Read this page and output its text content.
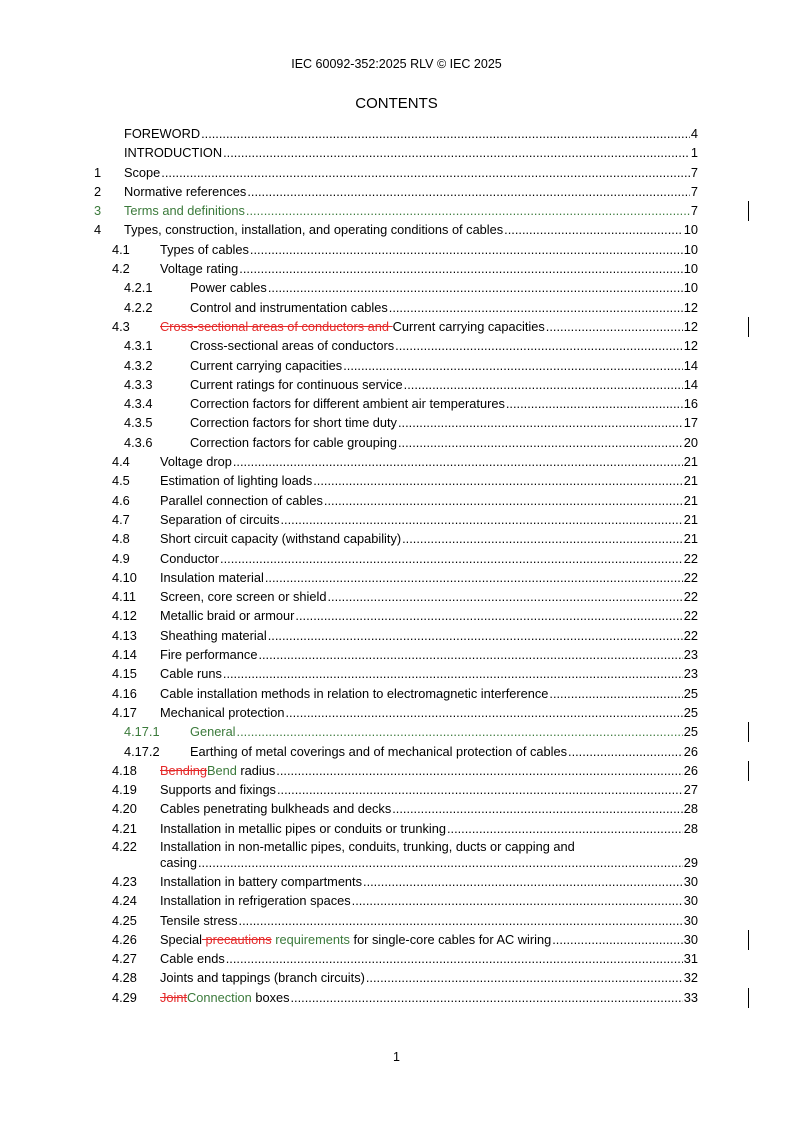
IEC 60092-352:2025 RLV © IEC 2025
CONTENTS
FOREWORD .....	4
INTRODUCTION .....	1
1	Scope .....	7
2	Normative references .....	7
3	Terms and definitions .....	7
4	Types, construction, installation, and operating conditions of cables .....	10
4.1	Types of cables .....	10
4.2	Voltage rating .....	10
4.2.1	Power cables .....	10
4.2.2	Control and instrumentation cables .....	12
4.3	Cross-sectional areas of conductors and Current carrying capacities .....	12
4.3.1	Cross-sectional areas of conductors .....	12
4.3.2	Current carrying capacities .....	14
4.3.3	Current ratings for continuous service .....	14
4.3.4	Correction factors for different ambient air temperatures .....	16
4.3.5	Correction factors for short time duty .....	17
4.3.6	Correction factors for cable grouping .....	20
4.4	Voltage drop .....	21
4.5	Estimation of lighting loads .....	21
4.6	Parallel connection of cables .....	21
4.7	Separation of circuits .....	21
4.8	Short circuit capacity (withstand capability) .....	21
4.9	Conductor .....	22
4.10	Insulation material .....	22
4.11	Screen, core screen or shield .....	22
4.12	Metallic braid or armour .....	22
4.13	Sheathing material .....	22
4.14	Fire performance .....	23
4.15	Cable runs .....	23
4.16	Cable installation methods in relation to electromagnetic interference .....	25
4.17	Mechanical protection .....	25
4.17.1	General .....	25
4.17.2	Earthing of metal coverings and of mechanical protection of cables .....	26
4.18	BendingBend radius .....	26
4.19	Supports and fixings .....	27
4.20	Cables penetrating bulkheads and decks .....	28
4.21	Installation in metallic pipes or conduits or trunking .....	28
4.22	Installation in non-metallic pipes, conduits, trunking, ducts or capping and
casing .....	29
4.23	Installation in battery compartments .....	30
4.24	Installation in refrigeration spaces .....	30
4.25	Tensile stress .....	30
4.26	Special precautions requirements for single-core cables for AC wiring .....	30
4.27	Cable ends .....	31
4.28	Joints and tappings (branch circuits) .....	32
4.29	JointConnection boxes .....	33
1
